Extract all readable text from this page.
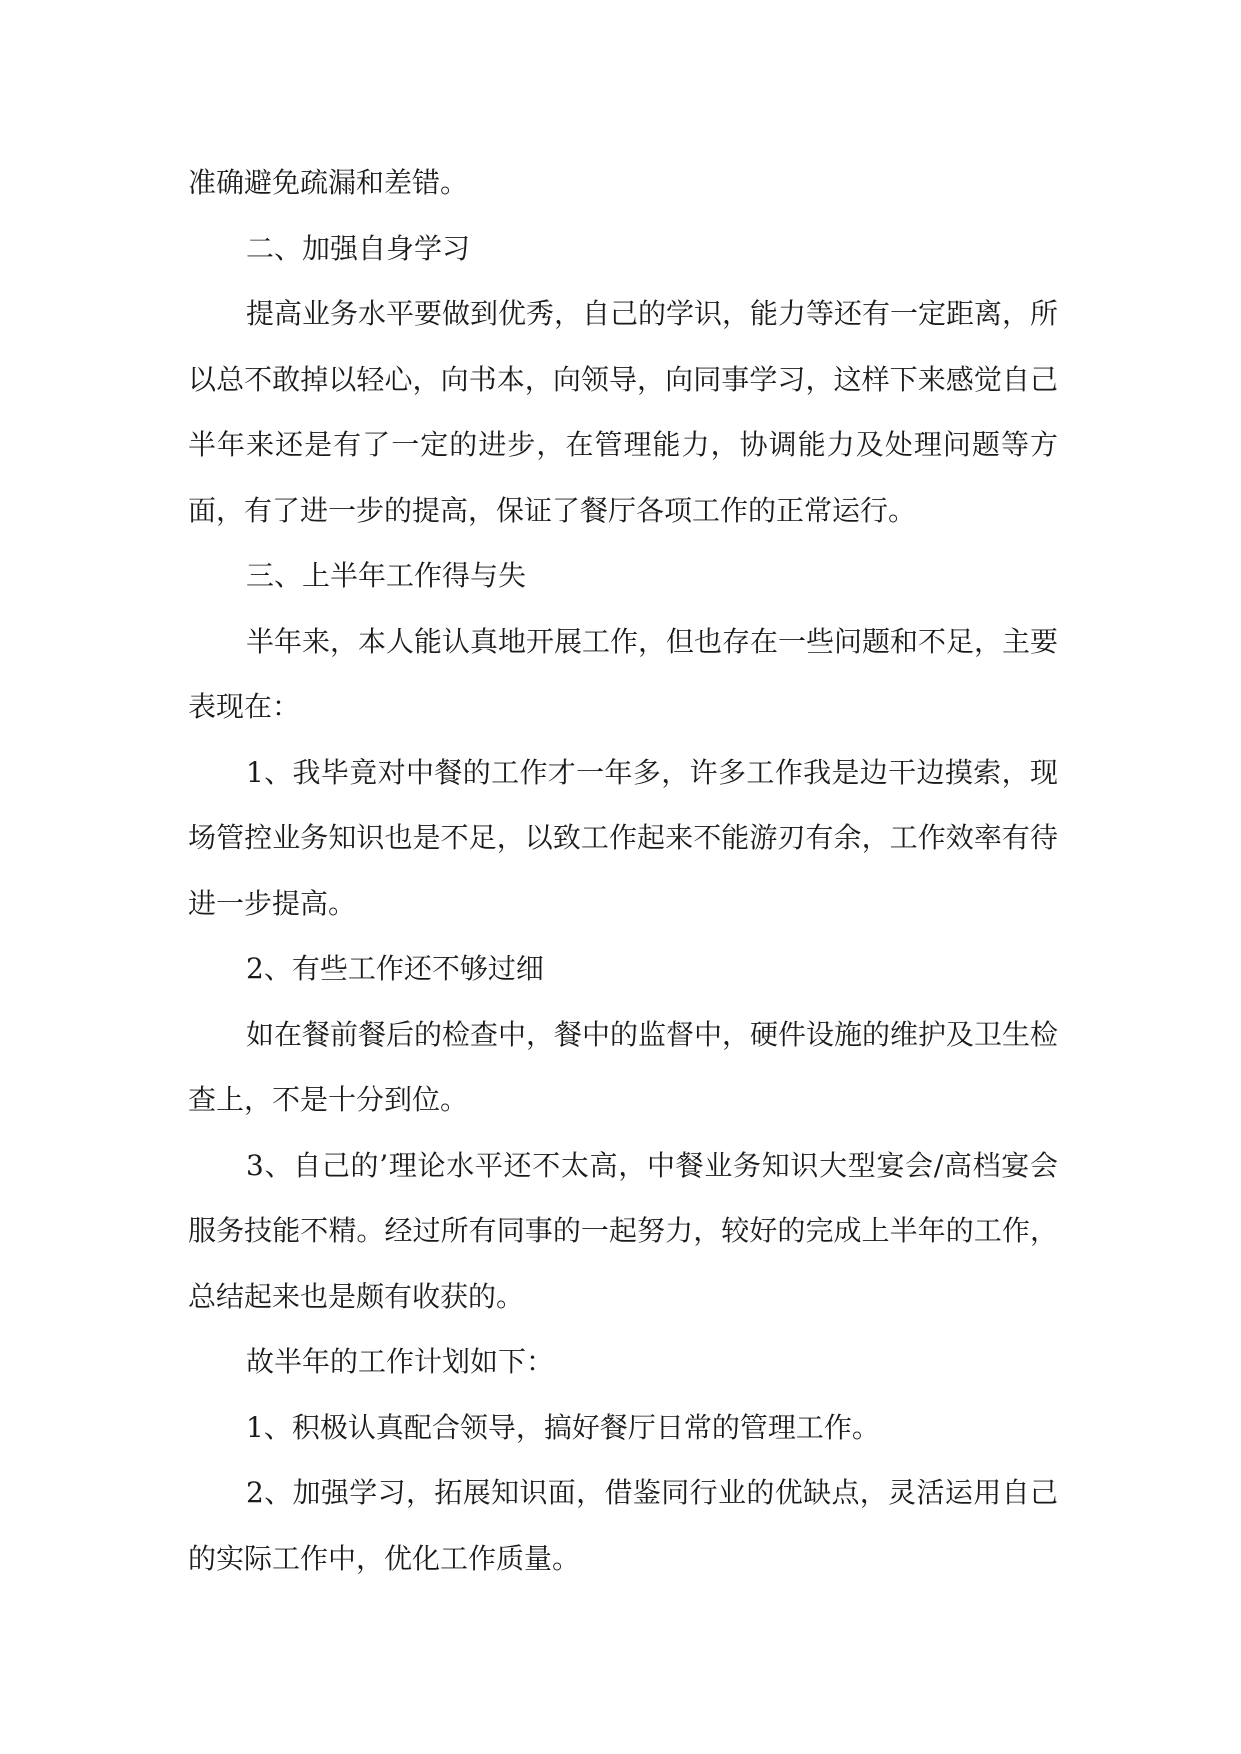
准确避免疏漏和差错。

二、加强自身学习

提高业务水平要做到优秀，自己的学识，能力等还有一定距离，所以总不敢掉以轻心，向书本，向领导，向同事学习，这样下来感觉自己半年来还是有了一定的进步，在管理能力，协调能力及处理问题等方面，有了进一步的提高，保证了餐厅各项工作的正常运行。

三、上半年工作得与失

半年来，本人能认真地开展工作，但也存在一些问题和不足，主要表现在：

1、我毕竟对中餐的工作才一年多，许多工作我是边干边摸索，现场管控业务知识也是不足，以致工作起来不能游刃有余，工作效率有待进一步提高。

2、有些工作还不够过细

如在餐前餐后的检查中，餐中的监督中，硬件设施的维护及卫生检查上，不是十分到位。

3、自己的’理论水平还不太高，中餐业务知识大型宴会/高档宴会服务技能不精。经过所有同事的一起努力，较好的完成上半年的工作，总结起来也是颇有收获的。

故半年的工作计划如下：

1、积极认真配合领导，搞好餐厅日常的管理工作。

2、加强学习，拓展知识面，借鉴同行业的优缺点，灵活运用自己的实际工作中，优化工作质量。
